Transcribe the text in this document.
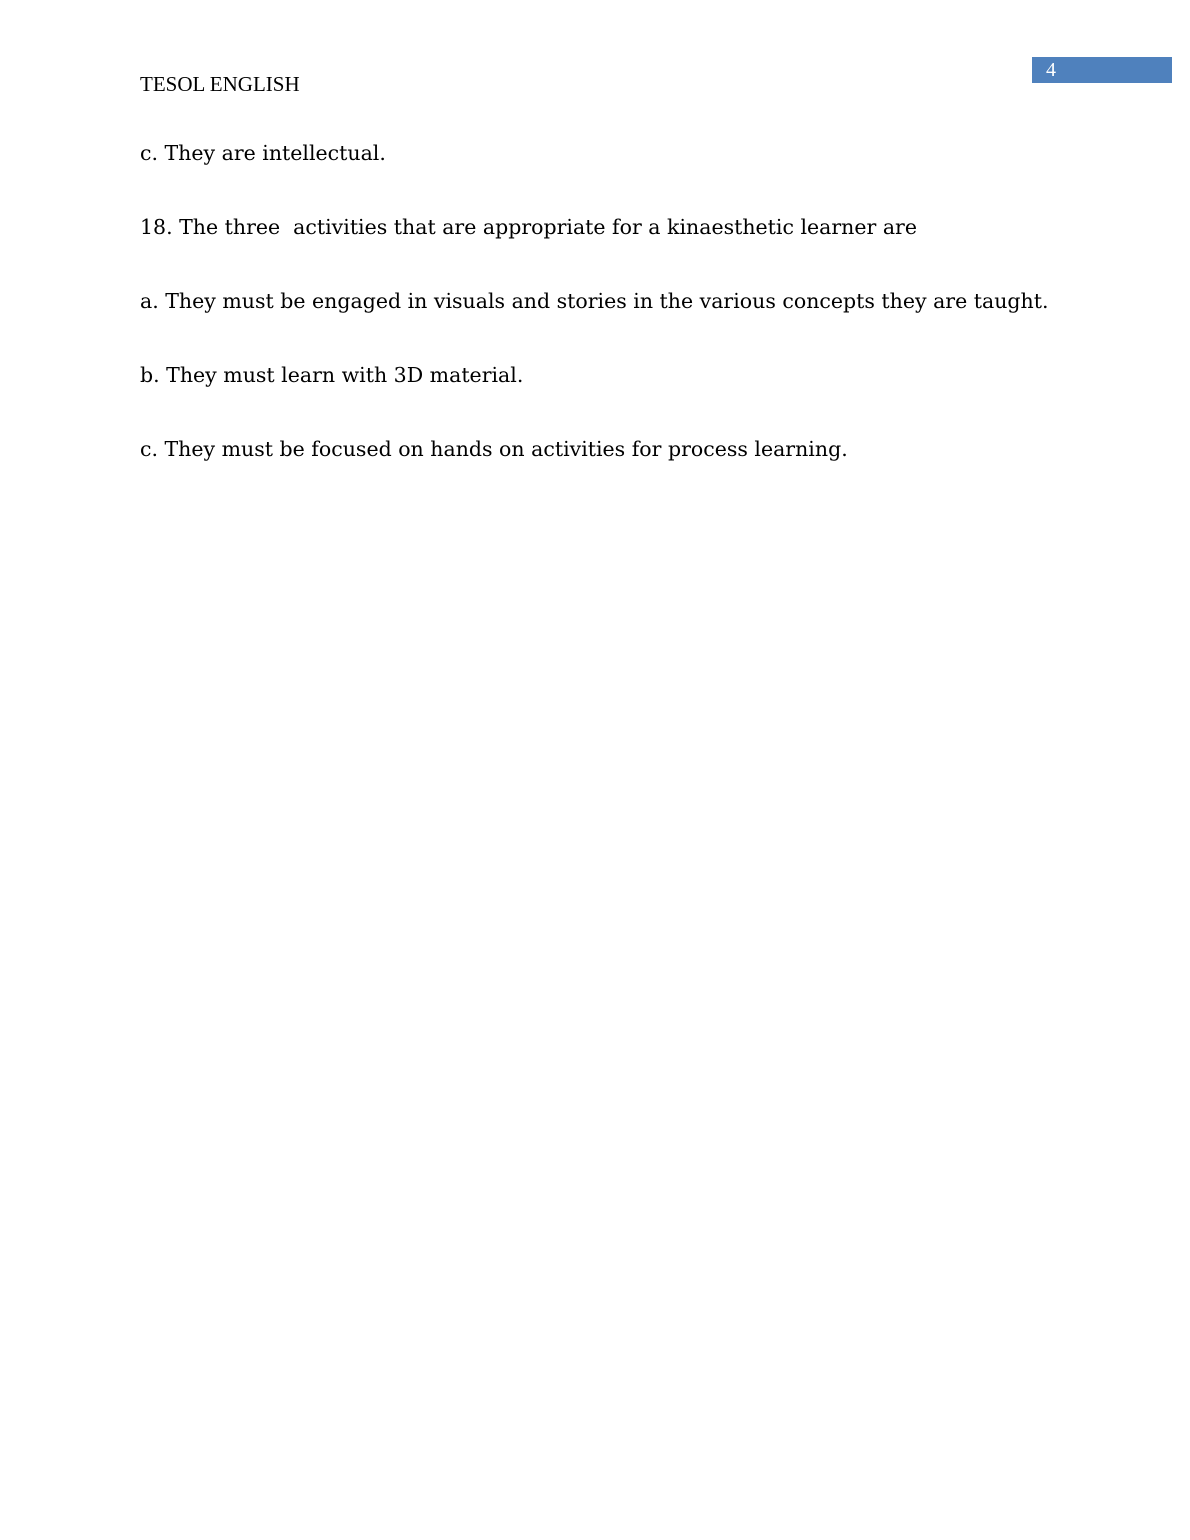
TESOL ENGLISH
4

c. They are intellectual.

18. The three  activities that are appropriate for a kinaesthetic learner are

a. They must be engaged in visuals and stories in the various concepts they are taught.

b. They must learn with 3D material.

c. They must be focused on hands on activities for process learning.
